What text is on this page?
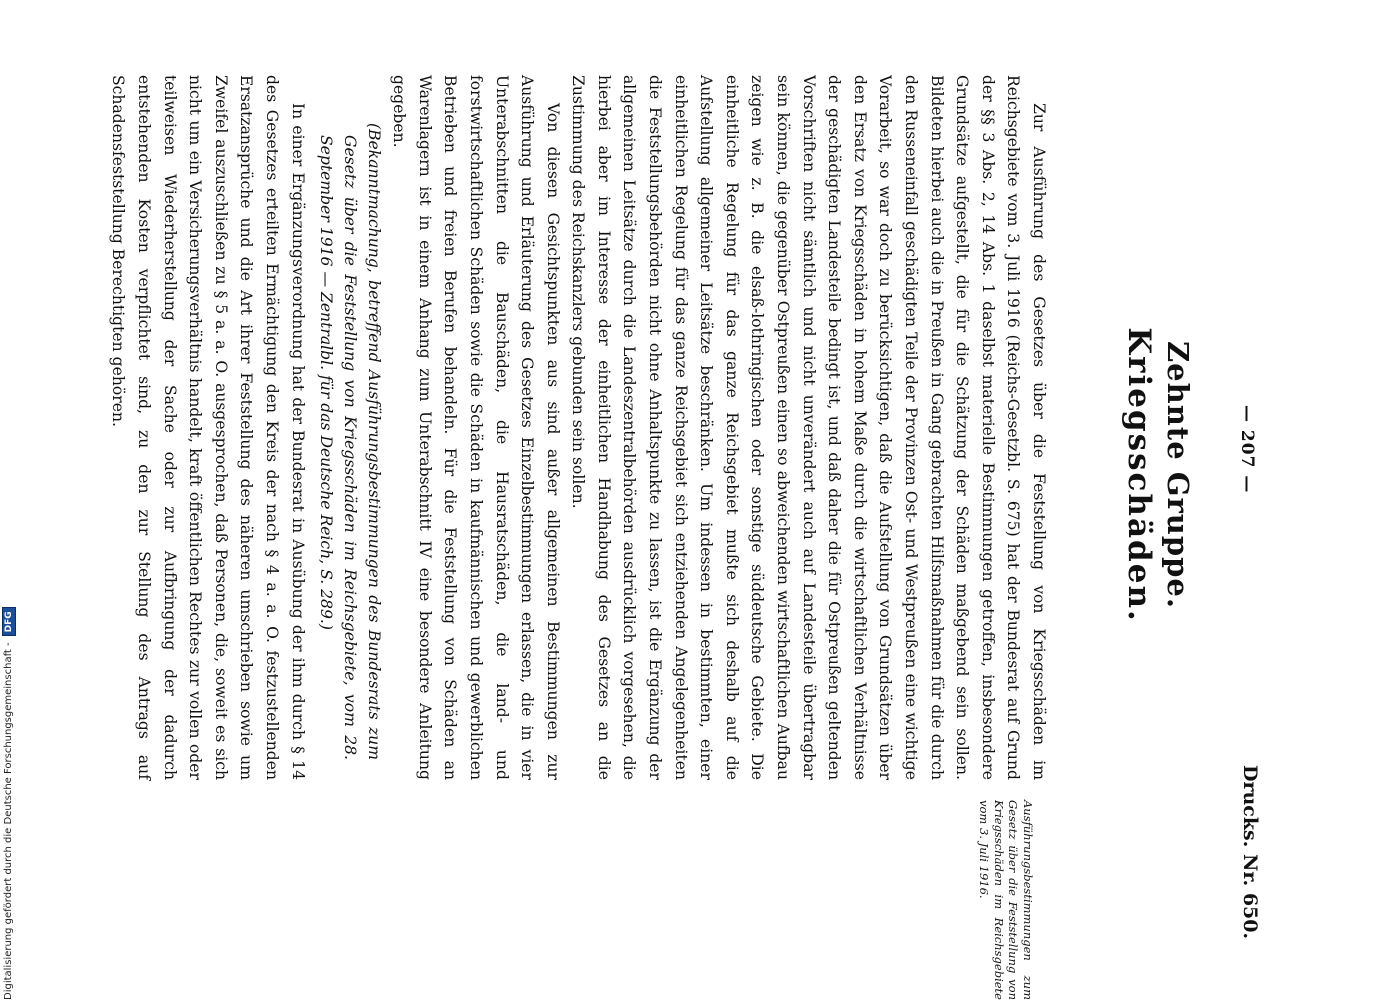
— 207 —
Drucks. Nr. 650.
Zehnte Gruppe.
Kriegsschäden.
Ausführungsbestimmungen zum Gesetz über die Feststellung von Kriegsschäden im Reichsgebiete vom 3. Juli 1916.

Zur Ausführung des Gesetzes über die Feststellung von Kriegsschäden im Reichsgebiete vom 3. Juli 1916 (Reichs-Gesetzbl. S. 675) hat der Bundesrat auf Grund der §§ 3 Abs. 2, 14 Abs. 1 daselbst materielle Bestimmungen getroffen, insbesondere Grundsätze aufgestellt, die für die Schätzung der Schäden maßgebend sein sollen. Bildeten hierbei auch die in Preußen in Gang gebrachten Hilfsmaßnahmen für die durch den Russeneinfall geschädigten Teile der Provinzen Ost- und Westpreußen eine wichtige Vorarbeit, so war doch zu berücksichtigen, daß die Aufstellung von Grundsätzen über den Ersatz von Kriegsschäden in hohem Maße durch die wirtschaftlichen Verhältnisse der geschädigten Landesteile bedingt ist, und daß daher die für Ostpreußen geltenden Vorschriften nicht sämtlich und nicht unverändert auch auf Landesteile übertragbar sein können, die gegenüber Ostpreußen einen so abweichenden wirtschaftlichen Aufbau zeigen wie z. B. die elsaß-lothringischen oder sonstige süddeutsche Gebiete. Die einheitliche Regelung für das ganze Reichsgebiet mußte sich deshalb auf die Aufstellung allgemeiner Leitsätze beschränken. Um indessen in bestimmten, einer einheitlichen Regelung für das ganze Reichsgebiet sich entziehenden Angelegenheiten die Feststellungsbehörden nicht ohne Anhaltspunkte zu lassen, ist die Ergänzung der allgemeinen Leitsätze durch die Landeszentralbehörden ausdrücklich vorgesehen, die hierbei aber im Interesse der einheitlichen Handhabung des Gesetzes an die Zustimmung des Reichskanzlers gebunden sein sollen.

Von diesen Gesichtspunkten aus sind außer allgemeinen Bestimmungen zur Ausführung und Erläuterung des Gesetzes Einzelbestimmungen erlassen, die in vier Unterabschnitten die Bauschäden, die Hausratschäden, die land- und forstwirtschaftlichen Schäden sowie die Schäden in kaufmännischen und gewerblichen Betrieben und freien Berufen behandeln. Für die Feststellung von Schäden an Warenlagern ist in einem Anhang zum Unterabschnitt IV eine besondere Anleitung gegeben.

(Bekanntmachung, betreffend Ausführungsbestimmungen des Bundesrats zum Gesetz über die Feststellung von Kriegsschäden im Reichsgebiete, vom 28. September 1916 — Zentralbl. für das Deutsche Reich, S. 289.)

In einer Ergänzungsverordnung hat der Bundesrat in Ausübung der ihm durch § 14 des Gesetzes erteilten Ermächtigung den Kreis der nach § 4 a. a. O. festzustellenden Ersatzansprüche und die Art ihrer Feststellung des näheren umschrieben sowie um Zweifel auszuschließen zu § 5 a. a. O. ausgesprochen, daß Personen, die, soweit es sich nicht um ein Versicherungsverhältnis handelt, kraft öffentlichen Rechtes zur vollen oder teilweisen Wiederherstellung der Sache oder zur Aufbringung der dadurch entstehenden Kosten verpflichtet sind, zu den zur Stellung des Antrags auf Schadensfeststellung Berechtigten gehören.

Digitalisierung gefördert durch die Deutsche Forschungsgemeinschaft -
DFG
